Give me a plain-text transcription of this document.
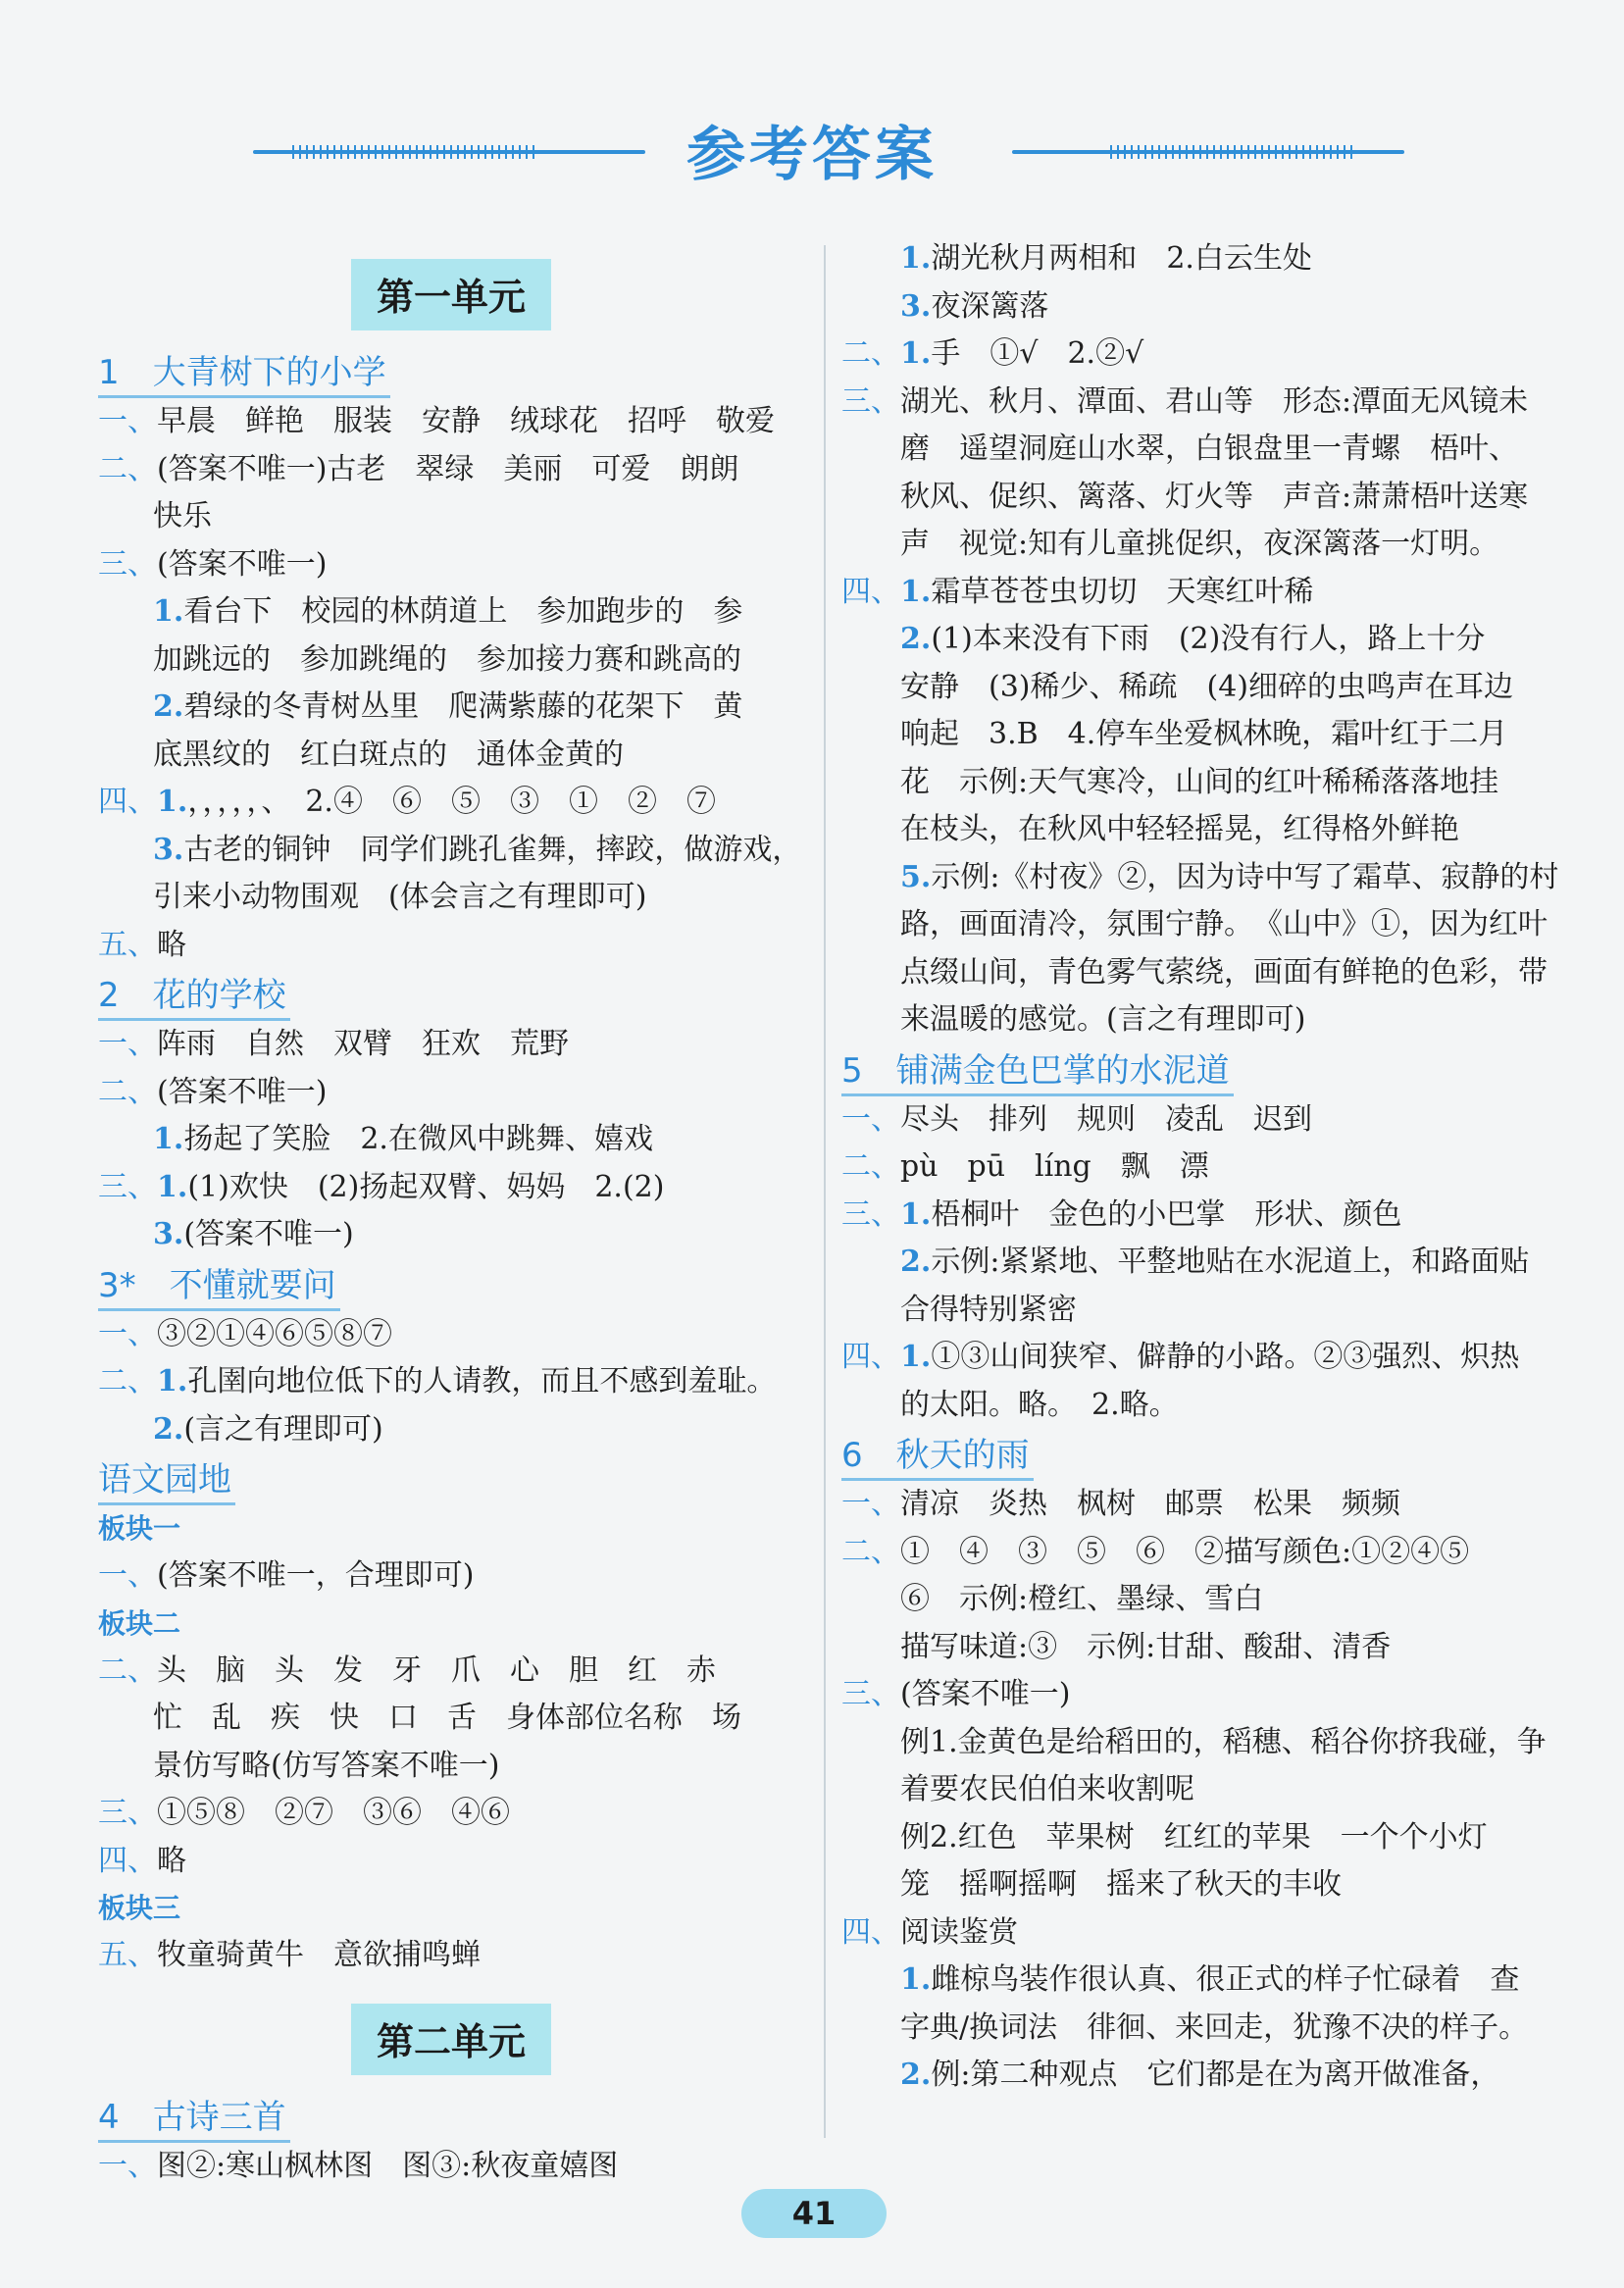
参考答案
第一单元
1　大青树下的小学
一、早晨　鲜艳　服装　安静　绒球花　招呼　敬爱
二、(答案不唯一)古老　翠绿　美丽　可爱　朗朗
快乐
三、(答案不唯一)
1.看台下　校园的林荫道上　参加跑步的　参
加跳远的　参加跳绳的　参加接力赛和跳高的
2.碧绿的冬青树丛里　爬满紫藤的花架下　黄
底黑纹的　红白斑点的　通体金黄的
四、1.，，，，，、　2.④　⑥　⑤　③　①　②　⑦
3.古老的铜钟　同学们跳孔雀舞，摔跤，做游戏，
引来小动物围观　(体会言之有理即可)
五、略
2　花的学校
一、阵雨　自然　双臂　狂欢　荒野
二、(答案不唯一)
1.扬起了笑脸　2.在微风中跳舞、嬉戏
三、1.(1)欢快　(2)扬起双臂、妈妈　2.(2)
3.(答案不唯一)
3*　不懂就要问
一、③②①④⑥⑤⑧⑦
二、1.孔圉向地位低下的人请教，而且不感到羞耻。
2.(言之有理即可)
语文园地
板块一
一、(答案不唯一，合理即可)
板块二
二、头　脑　头　发　牙　爪　心　胆　红　赤
忙　乱　疾　快　口　舌　身体部位名称　场
景仿写略(仿写答案不唯一)
三、①⑤⑧　②⑦　③⑥　④⑥
四、略
板块三
五、牧童骑黄牛　意欲捕鸣蝉
第二单元
4　古诗三首
一、图②:寒山枫林图　图③:秋夜童嬉图
1.湖光秋月两相和　2.白云生处
3.夜深篱落
二、1.手　①√　2.②√
三、湖光、秋月、潭面、君山等　形态:潭面无风镜未
磨　遥望洞庭山水翠，白银盘里一青螺　梧叶、
秋风、促织、篱落、灯火等　声音:萧萧梧叶送寒
声　视觉:知有儿童挑促织，夜深篱落一灯明。
四、1.霜草苍苍虫切切　天寒红叶稀
2.(1)本来没有下雨　(2)没有行人，路上十分
安静　(3)稀少、稀疏　(4)细碎的虫鸣声在耳边
响起　3.B　4.停车坐爱枫林晚，霜叶红于二月
花　示例:天气寒冷，山间的红叶稀稀落落地挂
在枝头，在秋风中轻轻摇晃，红得格外鲜艳
5.示例:《村夜》②，因为诗中写了霜草、寂静的村
路，画面清冷，氛围宁静。　《山中》①，因为红叶
点缀山间，青色雾气萦绕，画面有鲜艳的色彩，带
来温暖的感觉。(言之有理即可)
5　铺满金色巴掌的水泥道
一、尽头　排列　规则　凌乱　迟到
二、pù　pū　líng　飘　漂
三、1.梧桐叶　金色的小巴掌　形状、颜色
2.示例:紧紧地、平整地贴在水泥道上，和路面贴
合得特别紧密
四、1.①③山间狭窄、僻静的小路。②③强烈、炽热
的太阳。略。　2.略。
6　秋天的雨
一、清凉　炎热　枫树　邮票　松果　频频
二、①　④　③　⑤　⑥　②描写颜色:①②④⑤
⑥　示例:橙红、墨绿、雪白
描写味道:③　示例:甘甜、酸甜、清香
三、(答案不唯一)
例1.金黄色是给稻田的，稻穗、稻谷你挤我碰，争
着要农民伯伯来收割呢
例2.红色　苹果树　红红的苹果　一个个小灯
笼　摇啊摇啊　摇来了秋天的丰收
四、阅读鉴赏
1.雌椋鸟装作很认真、很正式的样子忙碌着　查
字典/换词法　徘徊、来回走，犹豫不决的样子。
2.例:第二种观点　它们都是在为离开做准备，
41
